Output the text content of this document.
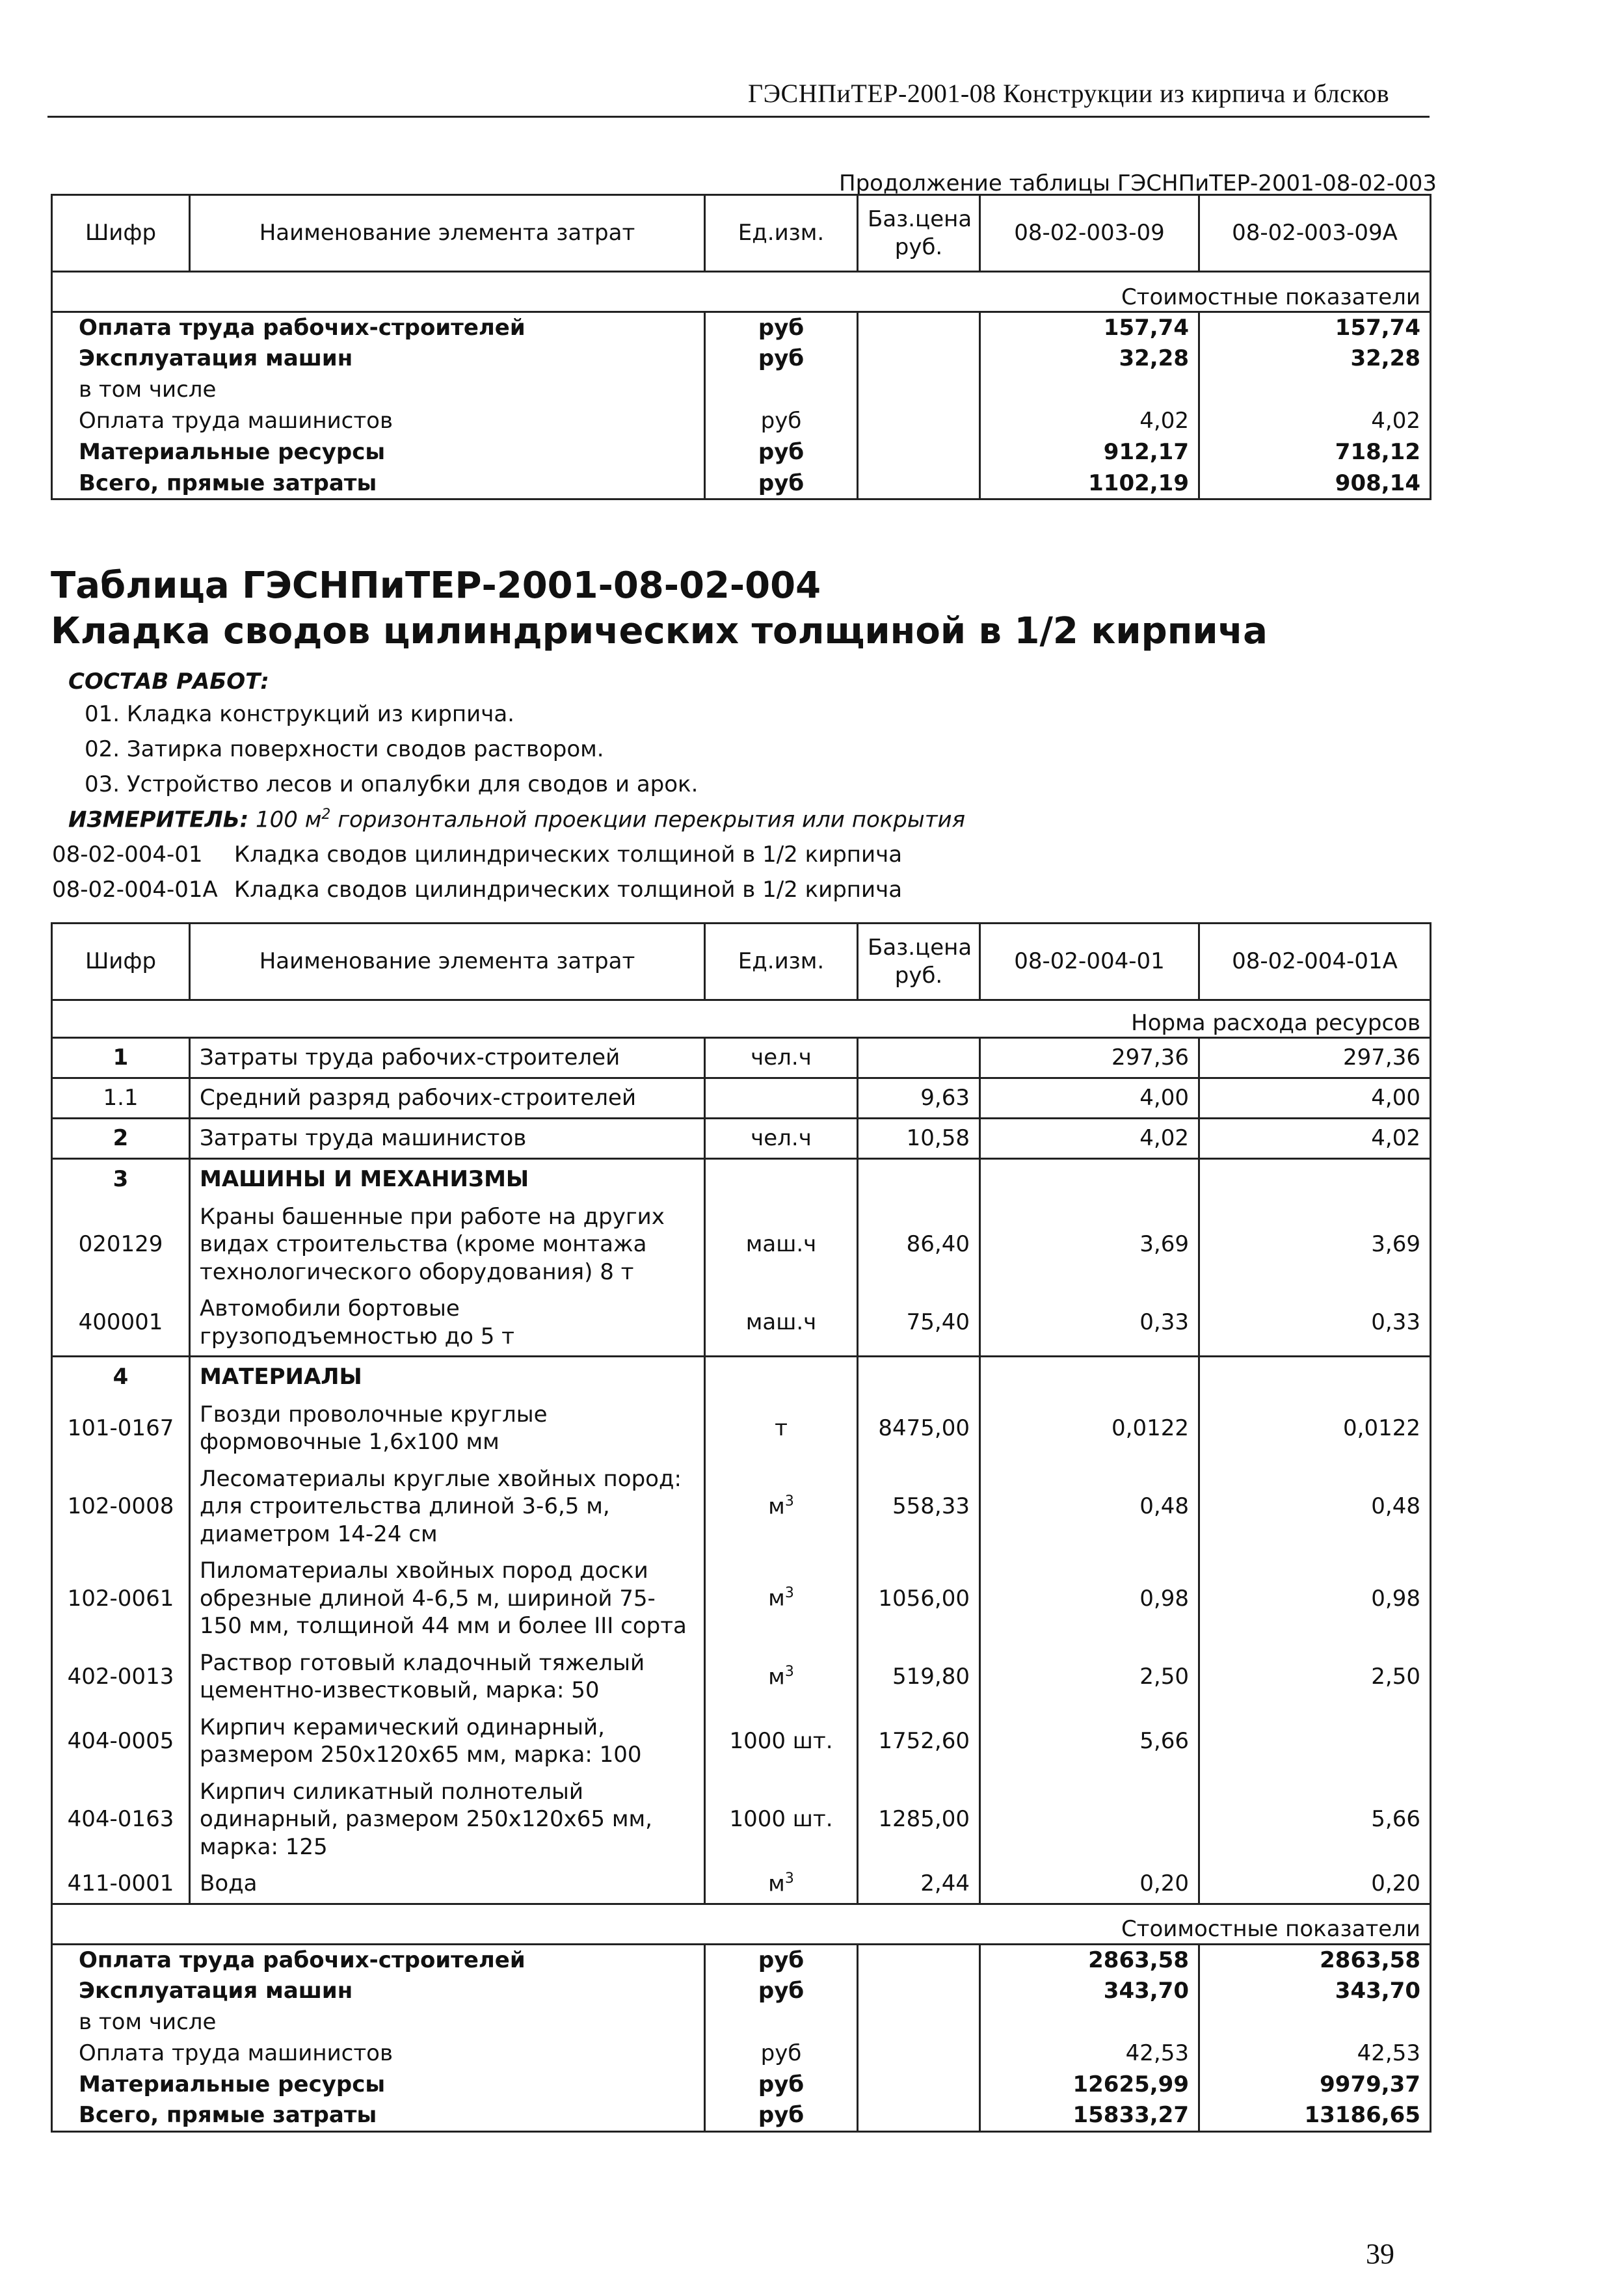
ГЭСНПиТЕР-2001-08 Конструкции из кирпича и блсков
Продолжение таблицы ГЭСНПиТЕР-2001-08-02-003
Шифр	Наименование элемента затрат	Ед.изм.	Баз.цена руб.	08-02-003-09	08-02-003-09А
Стоимостные показатели					
Оплата труда рабочих-строителей		руб		157,74	157,74
Эксплуатация машин		руб		32,28	32,28
в том числе					
Оплата труда машинистов		руб		4,02	4,02
Материальные ресурсы		руб		912,17	718,12
Всего, прямые затраты		руб		1102,19	908,14
Таблица ГЭСНПиТЕР-2001-08-02-004
Кладка сводов цилиндрических толщиной в 1/2 кирпича
СОСТАВ РАБОТ:
01. Кладка конструкций из кирпича.
02. Затирка поверхности сводов раствором.
03. Устройство лесов и опалубки для сводов и арок.
ИЗМЕРИТЕЛЬ: 100 $м^2$ горизонтальной проекции перекрытия или покрытия
08-02-004-01 Кладка сводов цилиндрических толщиной в 1/2 кирпича
08-02-004-01А Кладка сводов цилиндрических толщиной в 1/2 кирпича
Шифр	Наименование элемента затрат	Ед.изм.	Баз.цена руб.	08-02-004-01	08-02-004-01А
Норма расхода ресурсов					
1	Затраты труда рабочих-строителей	чел.ч		297,36	297,36
1.1	Средний разряд рабочих-строителей		9,63	4,00	4,00
2	Затраты труда машинистов	чел.ч	10,58	4,02	4,02
3	МАШИНЫ И МЕХАНИЗМЫ				
020129	Краны башенные при работе на других видах строительства (кроме монтажа технологического оборудования) 8 т	маш.ч	86,40	3,69	3,69
400001	Автомобили бортовые грузоподъемностью до 5 т	маш.ч	75,40	0,33	0,33
4	МАТЕРИАЛЫ				
101-0167	Гвозди проволочные круглые формовочные 1,6х100 мм	т	8475,00	0,0122	0,0122
102-0008	Лесоматериалы круглые хвойных пород: для строительства длиной 3-6,5 м, диаметром 14-24 см	$м^3$	558,33	0,48	0,48
102-0061	Пиломатериалы хвойных пород доски обрезные длиной 4-6,5 м, шириной 75-150 мм, толщиной 44 мм и более III сорта	$м^3$	1056,00	0,98	0,98
402-0013	Раствор готовый кладочный тяжелый цементно-известковый, марка: 50	$м^3$	519,80	2,50	2,50
404-0005	Кирпич керамический одинарный, размером 250х120х65 мм, марка: 100	1000 шт.	1752,60	5,66	
404-0163	Кирпич силикатный полнотелый одинарный, размером 250х120х65 мм, марка: 125	1000 шт.	1285,00		5,66
411-0001	Вода	$м^3$	2,44	0,20	0,20
Стоимостные показатели					
Оплата труда рабочих-строителей		руб		2863,58	2863,58
Эксплуатация машин		руб		343,70	343,70
в том числе					
Оплата труда машинистов		руб		42,53	42,53
Материальные ресурсы		руб		12625,99	9979,37
Всего, прямые затраты		руб		15833,27	13186,65
39
